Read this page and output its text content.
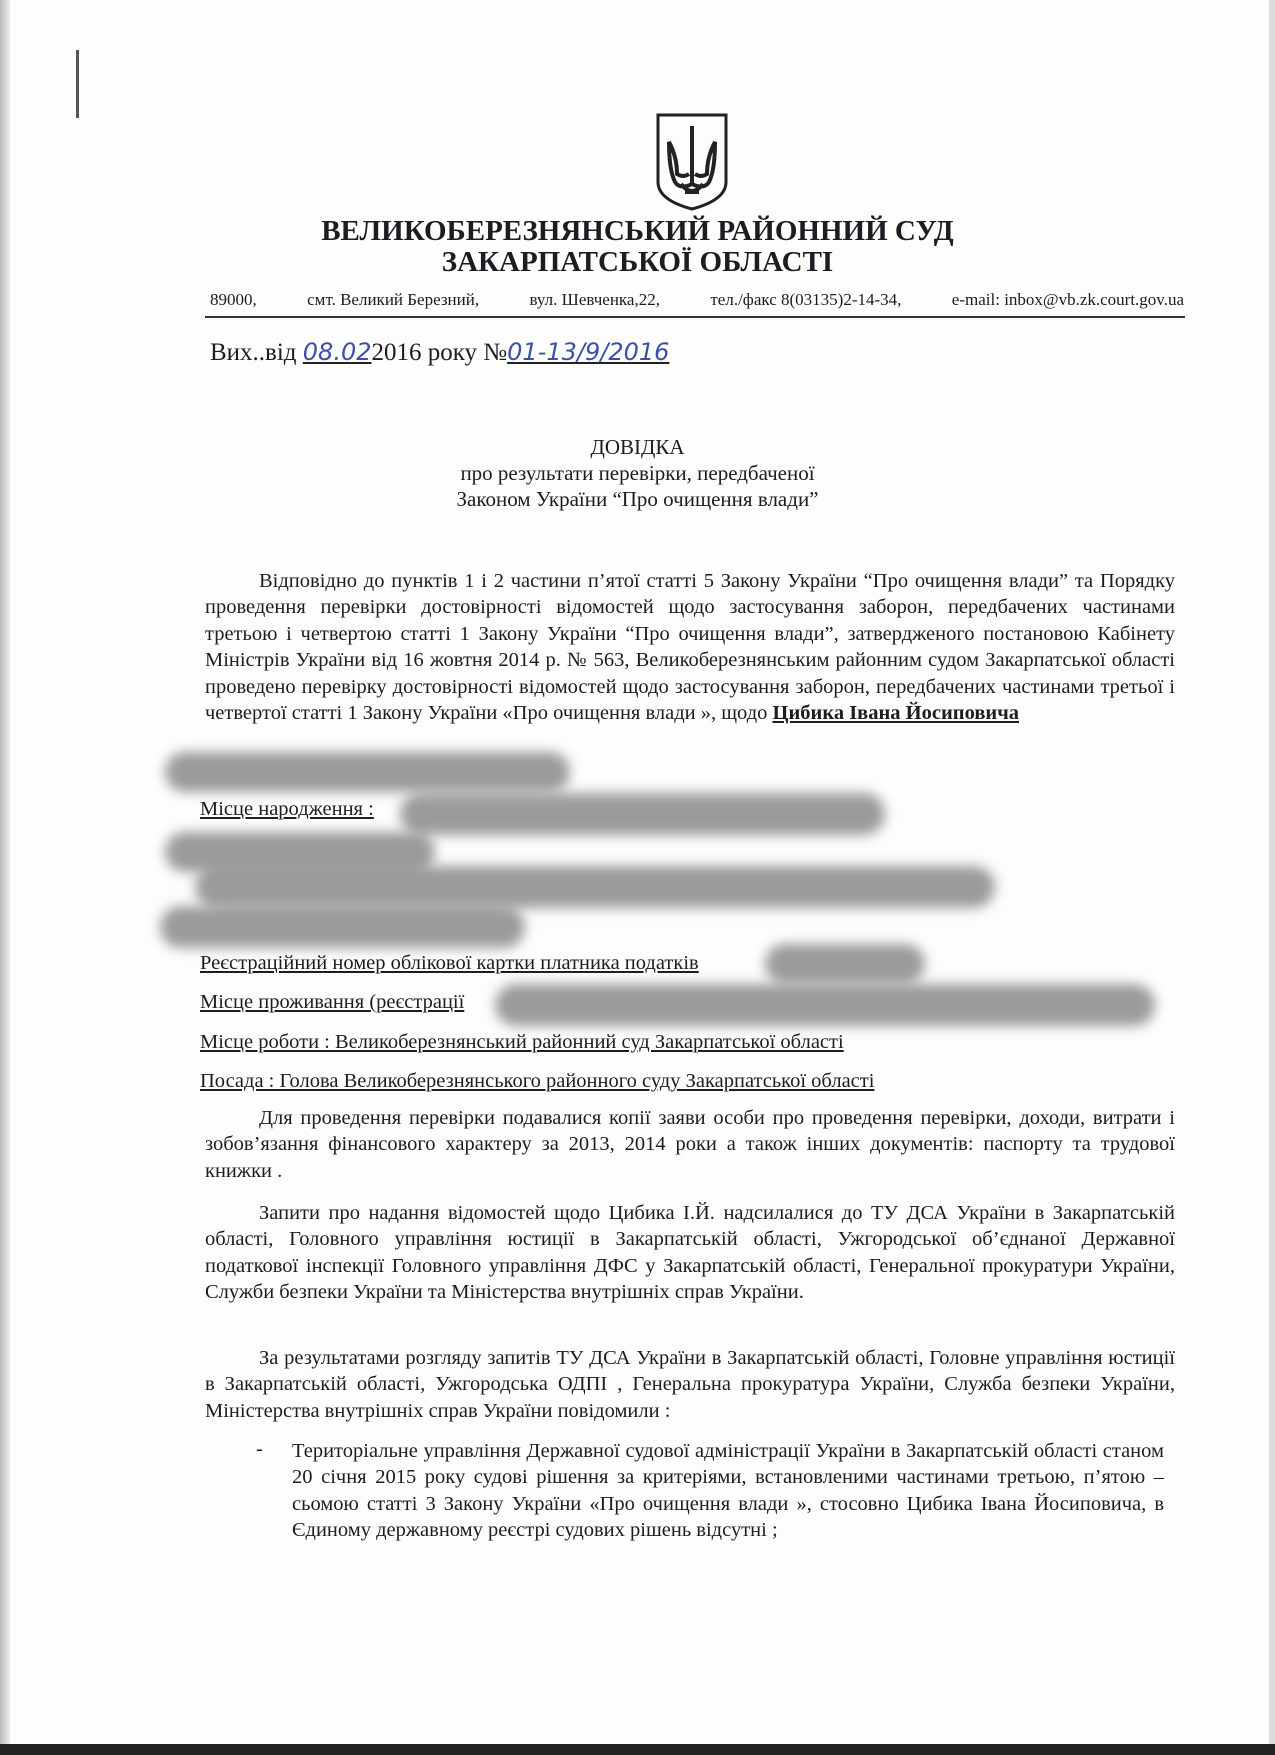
ВЕЛИКОБЕРЕЗНЯНСЬКИЙ РАЙОННИЙ СУД
ЗАКАРПАТСЬКОЇ ОБЛАСТІ
89000,	смт. Великий Березний,	вул. Шевченка,22,	тел./факс 8(03135)2-14-34,	e-mail: inbox@vb.zk.court.gov.ua
Вих..від 08.022016 року №01-13/9/2016
ДОВІДКА
про результати перевірки, передбаченої
Законом України “Про очищення влади”
Відповідно до пунктів 1 і 2 частини п’ятої статті 5 Закону України “Про очищення влади” та Порядку проведення перевірки достовірності відомостей щодо застосування заборон, передбачених частинами третьою і четвертою статті 1 Закону України “Про очищення влади”, затвердженого постановою Кабінету Міністрів України від 16 жовтня 2014 р. № 563, Великоберезнянським районним судом Закарпатської області проведено перевірку достовірності відомостей щодо застосування заборон, передбачених частинами третьої і четвертої статті 1 Закону України «Про очищення влади », щодо Цибика Івана Йосиповича
Місце народження :
Реєстраційний номер облікової картки платника податків
Місце проживання (реєстрації
Місце роботи : Великоберезнянський районний суд Закарпатської області
Посада : Голова Великоберезнянського районного суду Закарпатської області
Для проведення перевірки подавалися копії заяви особи про проведення перевірки, доходи, витрати і зобов’язання фінансового характеру за 2013, 2014 роки а також інших документів: паспорту та трудової книжки .
Запити про надання відомостей щодо Цибика І.Й. надсилалися до ТУ ДСА України в Закарпатській області, Головного управління юстиції в Закарпатській області, Ужгородської об’єднаної Державної податкової інспекції Головного управління ДФС у Закарпатській області, Генеральної прокуратури України, Служби безпеки України та Міністерства внутрішніх справ України.
За результатами розгляду запитів ТУ ДСА України в Закарпатській області, Головне управління юстиції в Закарпатській області, Ужгородська ОДПІ , Генеральна прокуратура України, Служба безпеки України, Міністерства внутрішніх справ України повідомили :
- Територіальне управління Державної судової адміністрації України в Закарпатській області станом 20 січня 2015 року судові рішення за критеріями, встановленими частинами третьою, п’ятою – сьомою статті 3 Закону України «Про очищення влади », стосовно Цибика Івана Йосиповича, в Єдиному державному реєстрі судових рішень відсутні ;
